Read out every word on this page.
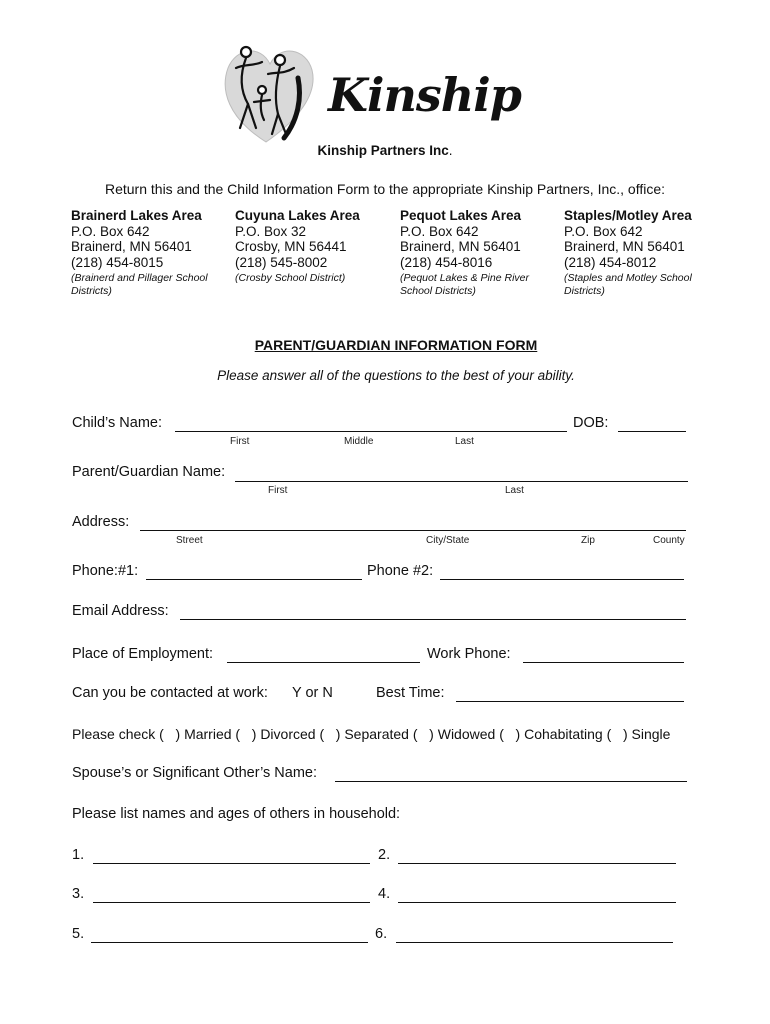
Kinship
Kinship Partners Inc.
Return this and the Child Information Form to the appropriate Kinship Partners, Inc., office:
Brainerd Lakes Area
P.O. Box 642
Brainerd, MN 56401
(218) 454-8015
(Brainerd and Pillager School Districts)
Cuyuna Lakes Area
P.O. Box 32
Crosby, MN 56441
(218) 545-8002
(Crosby School District)
Pequot Lakes Area
P.O. Box 642
Brainerd, MN 56401
(218) 454-8016
(Pequot Lakes & Pine River School Districts)
Staples/Motley Area
P.O. Box 642
Brainerd, MN 56401
(218) 454-8012
(Staples and Motley School Districts)
PARENT/GUARDIAN INFORMATION FORM
Please answer all of the questions to the best of your ability.
Child’s Name:	DOB:
First	Middle	Last
Parent/Guardian Name:
First	Last
Address:
Street	City/State	Zip	County
Phone:#1:	Phone #2:
Email Address:
Place of Employment:	Work Phone:
Can you be contacted at work: Y or N	Best Time:
Please check (   ) Married (   ) Divorced (   ) Separated (   ) Widowed (   ) Cohabitating (   ) Single
Spouse’s or Significant Other’s Name:
Please list names and ages of others in household:
1.	2.
3.	4.
5.	6.
